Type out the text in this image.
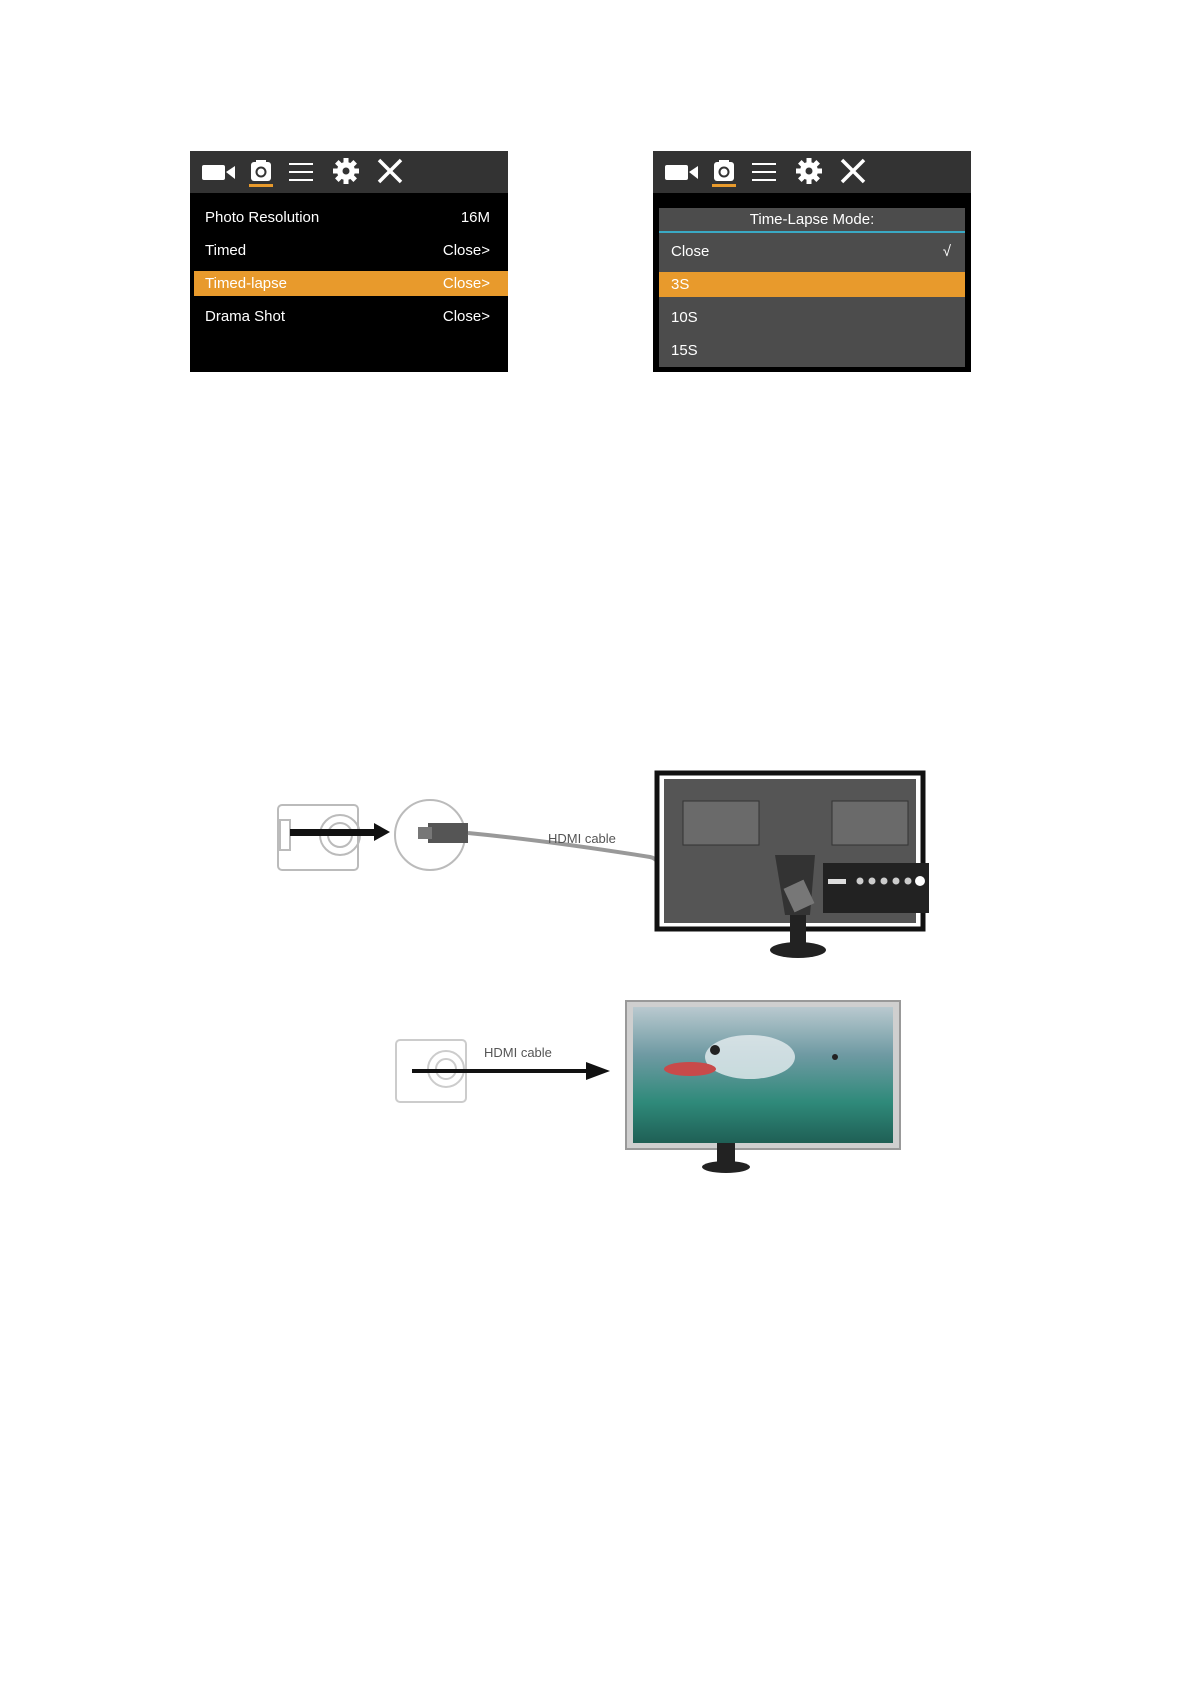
Photo Resolution	16M
Timed	Close>
Timed-lapse	Close>
Drama Shot	Close>
Time-Lapse Mode:
Close	√
3S
10S
15S
HDMI cable
HDMI cable
